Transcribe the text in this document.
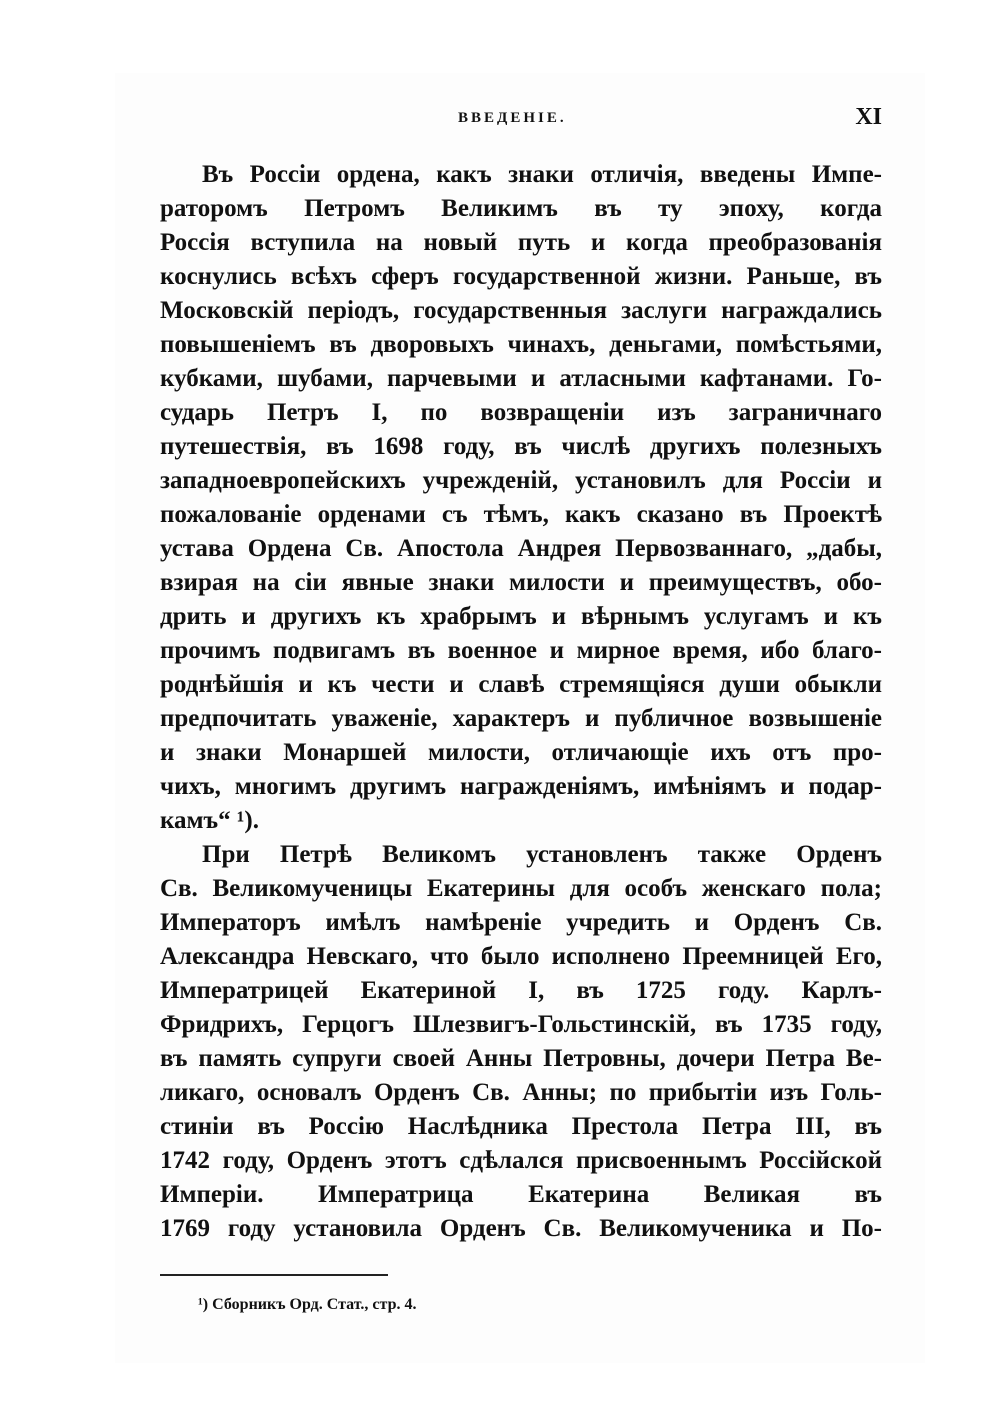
ВВЕДЕНІЕ.	XI
Въ Россіи ордена, какъ знаки отличія, введены Импе-
раторомъ Петромъ Великимъ въ ту эпоху, когда
Россія вступила на новый путь и когда преобразованія
коснулись всѣхъ сферъ государственной жизни. Раньше, въ
Московскій періодъ, государственныя заслуги награждались
повышеніемъ въ дворовыхъ чинахъ, деньгами, помѣстьями,
кубками, шубами, парчевыми и атласными кафтанами. Го-
сударь Петръ I, по возвращеніи изъ заграничнаго
путешествія, въ 1698 году, въ числѣ другихъ полезныхъ
западноевропейскихъ учрежденій, установилъ для Россіи и
пожалованіе орденами съ тѣмъ, какъ сказано въ Проектѣ
устава Ордена Св. Апостола Андрея Первозваннаго, „дабы,
взирая на сіи явные знаки милости и преимуществъ, обо-
дрить и другихъ къ храбрымъ и вѣрнымъ услугамъ и къ
прочимъ подвигамъ въ военное и мирное время, ибо благо-
роднѣйшія и къ чести и славѣ стремящіяся души обыкли
предпочитать уваженіе, характеръ и публичное возвышеніе
и знаки Монаршей милости, отличающіе ихъ отъ про-
чихъ, многимъ другимъ награжденіямъ, имѣніямъ и подар-
камъ“ ¹).
При Петрѣ Великомъ установленъ также Орденъ
Св. Великомученицы Екатерины для особъ женскаго пола;
Императоръ имѣлъ намѣреніе учредить и Орденъ Св.
Александра Невскаго, что было исполнено Преемницей Его,
Императрицей Екатериной I, въ 1725 году. Карлъ-
Фридрихъ, Герцогъ Шлезвигъ-Гольстинскій, въ 1735 году,
въ память супруги своей Анны Петровны, дочери Петра Ве-
ликаго, основалъ Орденъ Св. Анны; по прибытіи изъ Голь-
стиніи въ Россію Наслѣдника Престола Петра III, въ
1742 году, Орденъ этотъ сдѣлался присвоеннымъ Россійской
Имперіи. Императрица Екатерина Великая въ
1769 году установила Орденъ Св. Великомученика и По-
¹) Сборникъ Орд. Стат., стр. 4.
